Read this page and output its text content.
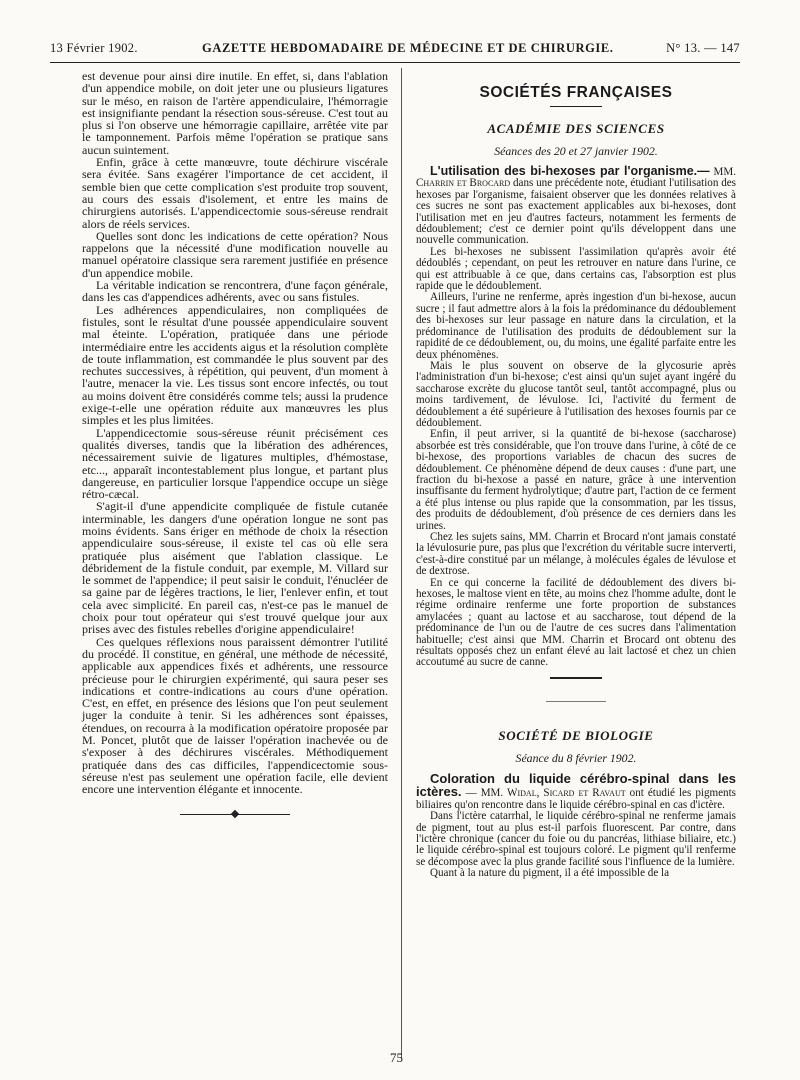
13 Février 1902.	GAZETTE HEBDOMADAIRE DE MÉDECINE ET DE CHIRURGIE.	N° 13. — 147

est devenue pour ainsi dire inutile. En effet, si, dans l'ablation d'un appendice mobile, on doit jeter une ou plusieurs ligatures sur le méso, en raison de l'artère appendiculaire, l'hémorragie est insignifiante pendant la résection sous-séreuse. C'est tout au plus si l'on observe une hémorragie capillaire, arrêtée vite par le tamponnement. Parfois même l'opération se pratique sans aucun suintement.

Enfin, grâce à cette manœuvre, toute déchirure viscérale sera évitée. Sans exagérer l'importance de cet accident, il semble bien que cette complication s'est produite trop souvent, au cours des essais d'isolement, et entre les mains de chirurgiens autorisés. L'appendicectomie sous-séreuse rendrait alors de réels services.

Quelles sont donc les indications de cette opération? Nous rappelons que la nécessité d'une modification nouvelle au manuel opératoire classique sera rarement justifiée en présence d'un appendice mobile.

La véritable indication se rencontrera, d'une façon générale, dans les cas d'appendices adhérents, avec ou sans fistules.

Les adhérences appendiculaires, non compliquées de fistules, sont le résultat d'une poussée appendiculaire souvent mal éteinte. L'opération, pratiquée dans une période intermédiaire entre les accidents aigus et la résolution complète de toute inflammation, est commandée le plus souvent par des rechutes successives, à répétition, qui peuvent, d'un moment à l'autre, menacer la vie. Les tissus sont encore infectés, ou tout au moins doivent être considérés comme tels; aussi la prudence exige-t-elle une opération réduite aux manœuvres les plus simples et les plus limitées.

L'appendicectomie sous-séreuse réunit précisément ces qualités diverses, tandis que la libération des adhérences, nécessairement suivie de ligatures multiples, d'hémostase, etc..., apparaît incontestablement plus longue, et partant plus dangereuse, en particulier lorsque l'appendice occupe un siège rétro-cæcal.

S'agit-il d'une appendicite compliquée de fistule cutanée interminable, les dangers d'une opération longue ne sont pas moins évidents. Sans ériger en méthode de choix la résection appendiculaire sous-séreuse, il existe tel cas où elle sera pratiquée plus aisément que l'ablation classique. Le débridement de la fistule conduit, par exemple, M. Villard sur le sommet de l'appendice; il peut saisir le conduit, l'énucléer de sa gaine par de légères tractions, le lier, l'enlever enfin, et tout cela avec simplicité. En pareil cas, n'est-ce pas le manuel de choix pour tout opérateur qui s'est trouvé quelque jour aux prises avec des fistules rebelles d'origine appendiculaire!

Ces quelques réflexions nous paraissent démontrer l'utilité du procédé. Il constitue, en général, une méthode de nécessité, applicable aux appendices fixés et adhérents, une ressource précieuse pour le chirurgien expérimenté, qui saura peser ses indications et contre-indications au cours d'une opération. C'est, en effet, en présence des lésions que l'on peut seulement juger la conduite à tenir. Si les adhérences sont épaisses, étendues, on recourra à la modification opératoire proposée par M. Poncet, plutôt que de laisser l'opération inachevée ou de s'exposer à des déchirures viscérales. Méthodiquement pratiquée dans des cas difficiles, l'appendicectomie sous-séreuse n'est pas seulement une opération facile, elle devient encore une intervention élégante et innocente.

SOCIÉTÉS FRANÇAISES
ACADÉMIE DES SCIENCES
Séances des 20 et 27 janvier 1902.

L'utilisation des bi-hexoses par l'organisme.— MM. Charrin et Brocard dans une précédente note, étudiant l'utilisation des hexoses par l'organisme, faisaient observer que les données relatives à ces sucres ne sont pas exactement applicables aux bi-hexoses, dont l'utilisation met en jeu d'autres facteurs, notamment les ferments de dédoublement; c'est ce dernier point qu'ils développent dans une nouvelle communication.

Les bi-hexoses ne subissent l'assimilation qu'après avoir été dédoublés ; cependant, on peut les retrouver en nature dans l'urine, ce qui est attribuable à ce que, dans certains cas, l'absorption est plus rapide que le dédoublement.

Ailleurs, l'urine ne renferme, après ingestion d'un bi-hexose, aucun sucre ; il faut admettre alors à la fois la prédominance du dédoublement des bi-hexoses sur leur passage en nature dans la circulation, et la prédominance de l'utilisation des produits de dédoublement sur la rapidité de ce dédoublement, ou, du moins, une égalité parfaite entre les deux phénomènes.

Mais le plus souvent on observe de la glycosurie après l'administration d'un bi-hexose; c'est ainsi qu'un sujet ayant ingéré du saccharose excrète du glucose tantôt seul, tantôt accompagné, plus ou moins tardivement, de lévulose. Ici, l'activité du ferment de dédoublement a été supérieure à l'utilisation des hexoses fournis par ce dédoublement.

Enfin, il peut arriver, si la quantité de bi-hexose (saccharose) absorbée est très considérable, que l'on trouve dans l'urine, à côté de ce bi-hexose, des proportions variables de chacun des sucres de dédoublement. Ce phénomène dépend de deux causes : d'une part, une fraction du bi-hexose a passé en nature, grâce à une intervention insuffisante du ferment hydrolytique; d'autre part, l'action de ce ferment a été plus intense ou plus rapide que la consommation, par les tissus, des produits de dédoublement, d'où présence de ces derniers dans les urines.

Chez les sujets sains, MM. Charrin et Brocard n'ont jamais constaté la lévulosurie pure, pas plus que l'excrétion du véritable sucre interverti, c'est-à-dire constitué par un mélange, à molécules égales de lévulose et de dextrose.

En ce qui concerne la facilité de dédoublement des divers bi-hexoses, le maltose vient en tête, au moins chez l'homme adulte, dont le régime ordinaire renferme une forte proportion de substances amylacées ; quant au lactose et au saccharose, tout dépend de la prédominance de l'un ou de l'autre de ces sucres dans l'alimentation habituelle; c'est ainsi que MM. Charrin et Brocard ont obtenu des résultats opposés chez un enfant élevé au lait lactosé et chez un chien accoutumé au sucre de canne.

SOCIÉTÉ DE BIOLOGIE
Séance du 8 février 1902.

Coloration du liquide cérébro-spinal dans les ictères. — MM. Widal, Sicard et Ravaut ont étudié les pigments biliaires qu'on rencontre dans le liquide cérébro-spinal en cas d'ictère.

Dans l'ictère catarrhal, le liquide cérébro-spinal ne renferme jamais de pigment, tout au plus est-il parfois fluorescent. Par contre, dans l'ictère chronique (cancer du foie ou du pancréas, lithiase biliaire, etc.) le liquide cérébro-spinal est toujours coloré. Le pigment qu'il renferme se décompose avec la plus grande facilité sous l'influence de la lumière.

Quant à la nature du pigment, il a été impossible de la

75
